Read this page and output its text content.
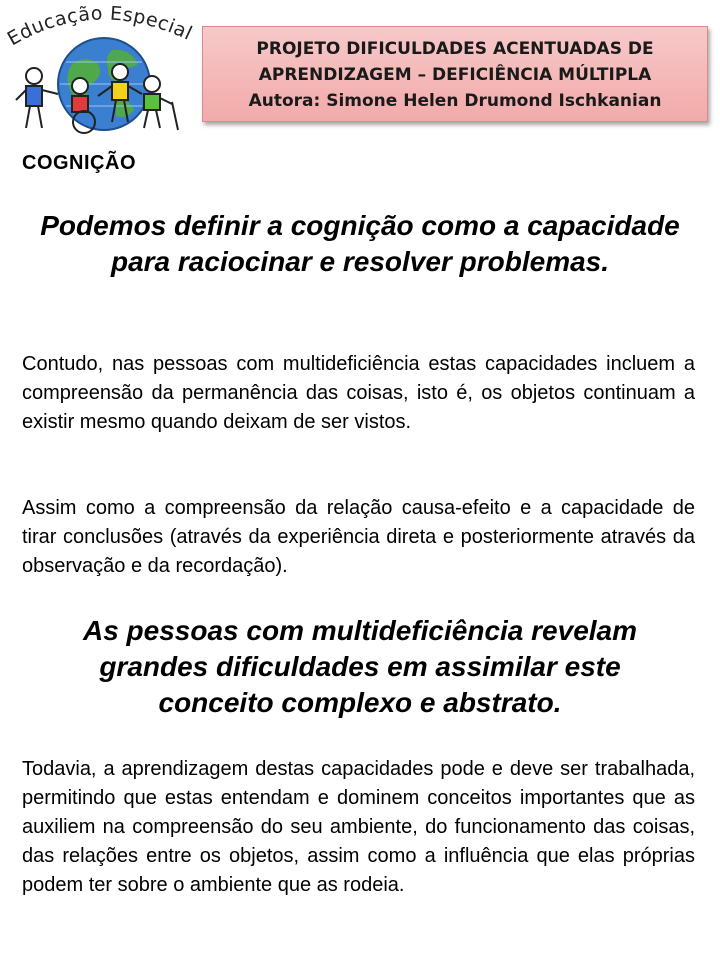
Educação Especial
PROJETO DIFICULDADES ACENTUADAS DE
APRENDIZAGEM – DEFICIÊNCIA MÚLTIPLA
Autora: Simone Helen Drumond Ischkanian
COGNIÇÃO
Podemos definir a cognição como a capacidade para raciocinar e resolver problemas.
Contudo, nas pessoas com multideficiência estas capacidades incluem a compreensão da permanência das coisas, isto é, os objetos continuam a existir mesmo quando deixam de ser vistos.
Assim como a compreensão da relação causa-efeito e a capacidade de tirar conclusões (através da experiência direta e posteriormente através da observação e da recordação).
As pessoas com multideficiência revelam grandes dificuldades em assimilar este conceito complexo e abstrato.
Todavia, a aprendizagem destas capacidades pode e deve ser trabalhada, permitindo que estas entendam e dominem conceitos importantes que as auxiliem na compreensão do seu ambiente, do funcionamento das coisas, das relações entre os objetos, assim como a influência que elas próprias podem ter sobre o ambiente que as rodeia.
